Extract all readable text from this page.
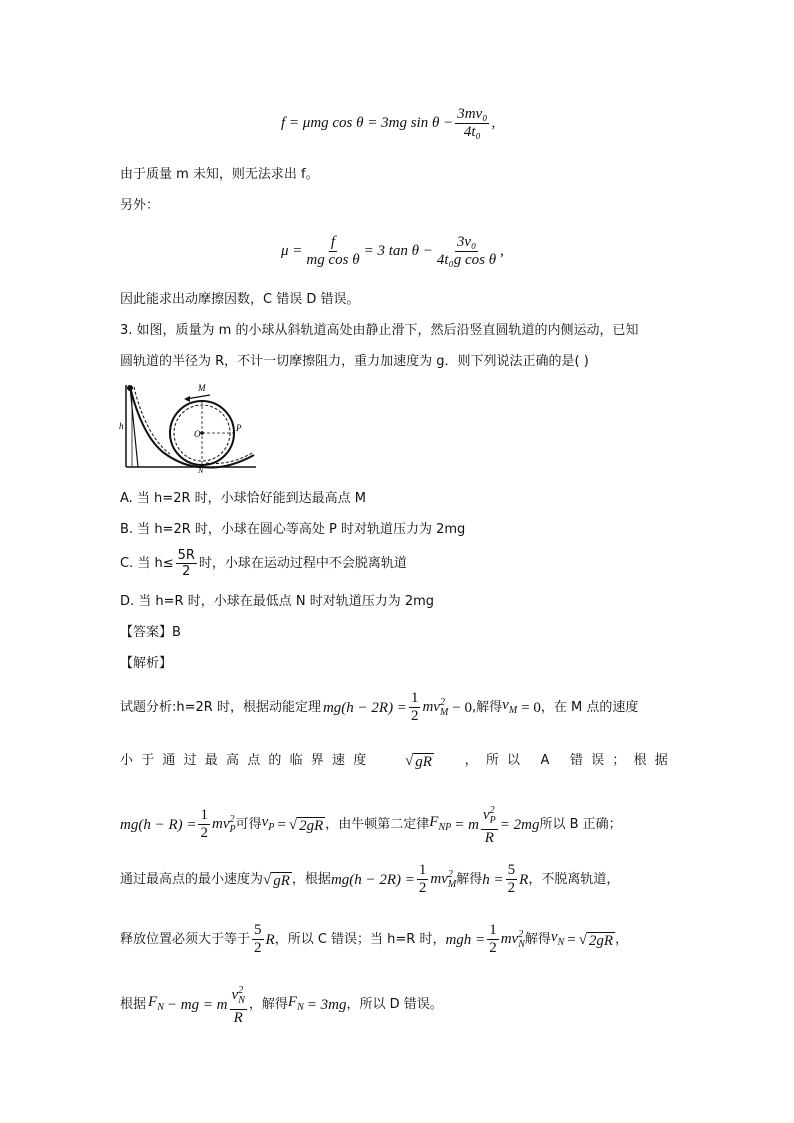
f = μmg cos θ = 3mg $\sin \theta - \frac{\text{3mv₀}}{\text{4t₀}}$ ,
由于质量 m 未知，则无法求出 f。
另外：
$\mu = \frac{f}{\text{mg cos θ}} = 3$ $\tan \theta - \frac{\text{3v₀}}{\text{4t₀g cos θ}}$ ,
因此能求出动摩擦因数，C 错误 D 错误。
3. 如图，质量为 m 的小球从斜轨道高处由静止滑下，然后沿竖直圆轨道的内侧运动，已知
圆轨道的半径为 R，不计一切摩擦阻力，重力加速度为 g．则下列说法正确的是( )
M
O
P
N
h
A. 当 h=2R 时，小球恰好能到达最高点 M
B. 当 h=2R 时，小球在圆心等高处 P 时对轨道压力为 2mg
C. 当 $h\le \frac{5R}{2}$ 时，小球在运动过程中不会脱离轨道
D. 当 h=R 时，小球在最低点 N 时对轨道压力为 2mg
【答案】B
【解析】
试题分析:h=2R 时，根据动能定理 $mg(h - 2R) = \frac{1}{2} mv^2_M - 0$ ,解得 $v_M = 0$ ，在 M 点的速度
小于通过最高点的临界速度 √ gR	，所以 A 错误；根据
$mg(h - R) = \frac{1}{2} mv^2_P$ 可得 $v_P$ = √ 2gR ，由牛顿第二定律 $F_{NP} = m \frac{v^2_P}{R} = 2mg$ 所以 B 正确；
通过最高点的最小速度为 √ gR ，根据 $mg(h - 2R) = \frac{1}{2} mv^2_M$ 解得 $h = \frac{5}{2}$ R ，不脱离轨道，
释放位置必须大于等于 $\frac{5}{2}$ R ，所以 C 错误；当 h=R 时， mgh = $\frac{1}{2} mv^2_N$ 解得 $v_N$ = √ 2gR ，
根据 $F_N$ − mg = m $\frac{v^2_N}{R}$ ，解得 $F_N = 3mg$ ，所以 D 错误。
